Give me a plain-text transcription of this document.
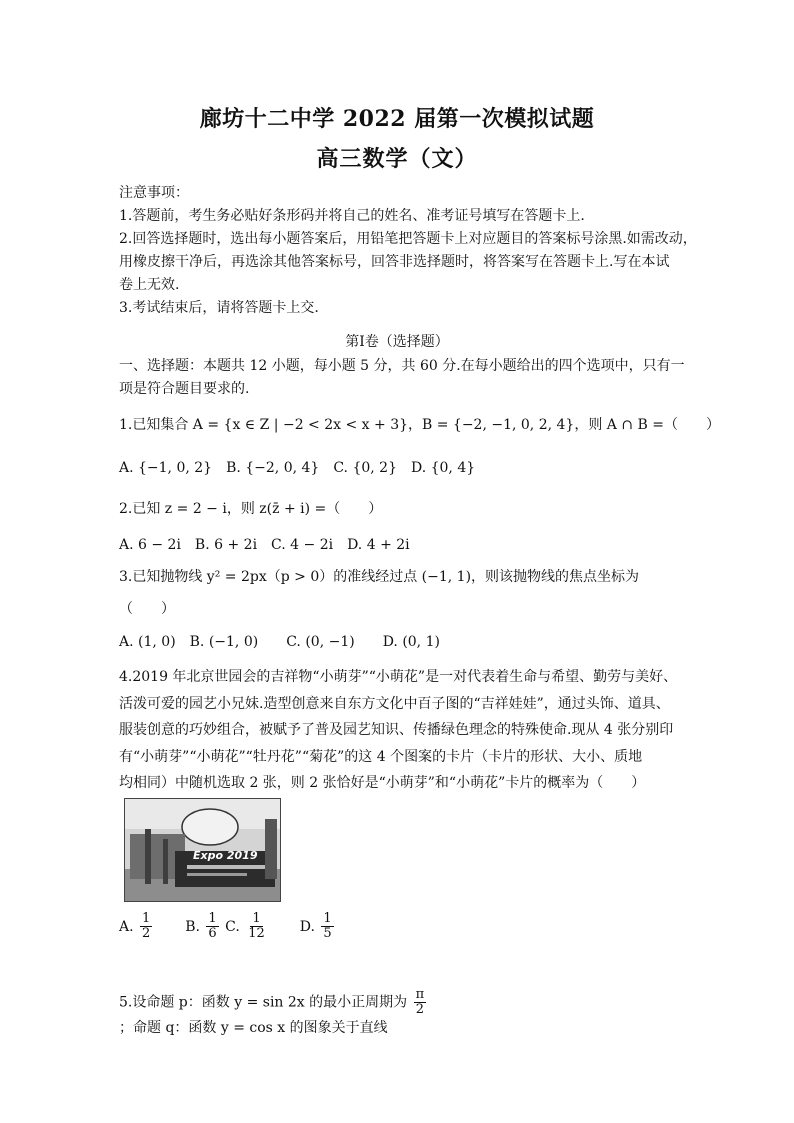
廊坊十二中学 2022 届第一次模拟试题
高三数学（文）
注意事项：
1.答题前，考生务必贴好条形码并将自己的姓名、准考证号填写在答题卡上.
2.回答选择题时，选出每小题答案后，用铅笔把答题卡上对应题目的答案标号涂黑.如需改动，
用橡皮擦干净后，再选涂其他答案标号，回答非选择题时，将答案写在答题卡上.写在本试
卷上无效.
3.考试结束后，请将答题卡上交.
第Ⅰ卷（选择题）
一、选择题：本题共 12 小题，每小题 5 分，共 60 分.在每小题给出的四个选项中，只有一
项是符合题目要求的.
1.已知集合 A = {x ∈ Z | −2 < 2x < x + 3}，B = {−2, −1, 0, 2, 4}，则 A ∩ B =（　　）
A. {−1, 0, 2}　B. {−2, 0, 4}　C. {0, 2}　D. {0, 4}
2.已知 z = 2 − i，则 z(z̄ + i) =（　　）
A. 6 − 2i　B. 6 + 2i　C. 4 − 2i　D. 4 + 2i
3.已知抛物线 y² = 2px（p > 0）的准线经过点 (−1, 1)，则该抛物线的焦点坐标为
（　　）
A. (1, 0)　B. (−1, 0)　　C. (0, −1)　　D. (0, 1)
4.2019 年北京世园会的吉祥物“小萌芽”“小萌花”是一对代表着生命与希望、勤劳与美好、
活泼可爱的园艺小兄妹.造型创意来自东方文化中百子图的“吉祥娃娃”，通过头饰、道具、
服装创意的巧妙组合，被赋予了普及园艺知识、传播绿色理念的特殊使命.现从 4 张分别印
有“小萌芽”“小萌花”“牡丹花”“菊花”的这 4 个图案的卡片（卡片的形状、大小、质地
均相同）中随机选取 2 张，则 2 张恰好是“小萌芽”和“小萌花”卡片的概率为（　　）
Expo 2019
A. $\frac{1}{2} B$. $\frac{1}{6} C$. $\frac{1}{12} D$. $\frac{1}{5}$
5.设命题 p：函数 y = sin 2x 的最小正周期为 $\frac{\pi}{2}$
；命题 q：函数 y = cos x 的图象关于直线
